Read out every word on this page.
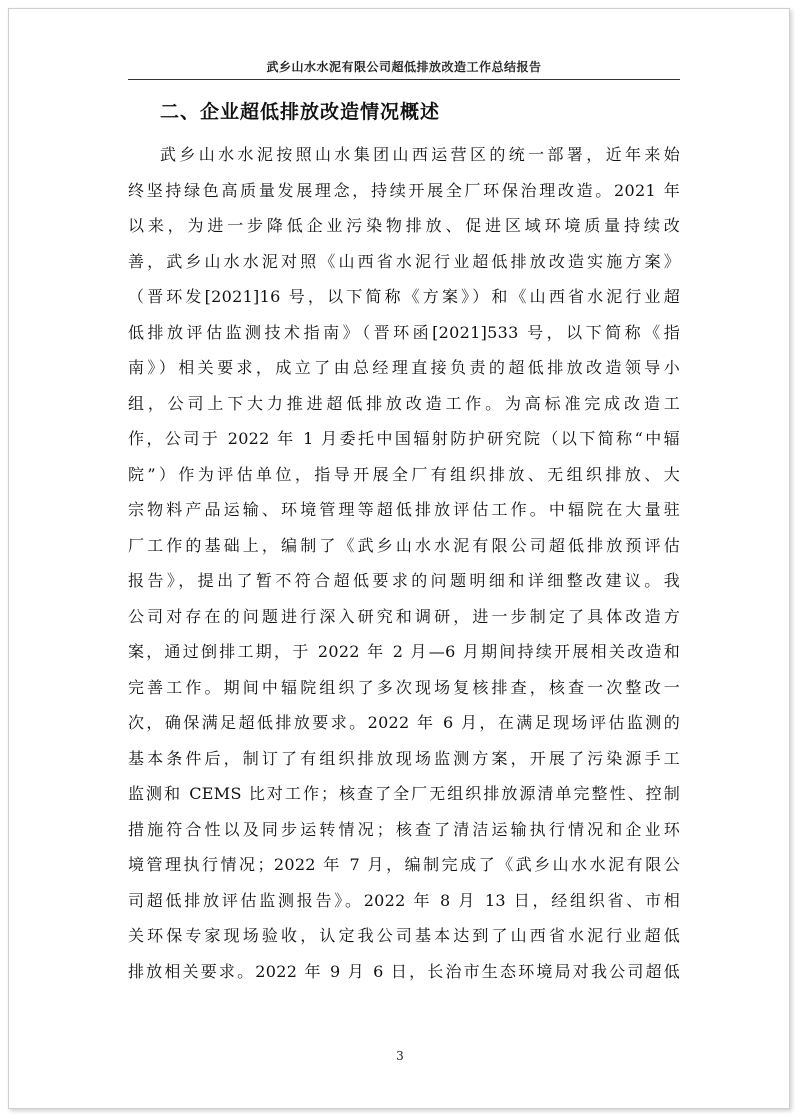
武乡山水水泥有限公司超低排放改造工作总结报告
二、企业超低排放改造情况概述
武乡山水水泥按照山水集团山西运营区的统一部署，近年来始
终坚持绿色高质量发展理念，持续开展全厂环保治理改造。2021 年
以来，为进一步降低企业污染物排放、促进区域环境质量持续改
善，武乡山水水泥对照《山西省水泥行业超低排放改造实施方案》
（晋环发[2021]16 号，以下简称《方案》）和《山西省水泥行业超
低排放评估监测技术指南》（晋环函[2021]533 号，以下简称《指
南》）相关要求，成立了由总经理直接负责的超低排放改造领导小
组，公司上下大力推进超低排放改造工作。为高标准完成改造工
作，公司于 2022 年 1 月委托中国辐射防护研究院（以下简称“中辐
院”）作为评估单位，指导开展全厂有组织排放、无组织排放、大
宗物料产品运输、环境管理等超低排放评估工作。中辐院在大量驻
厂工作的基础上，编制了《武乡山水水泥有限公司超低排放预评估
报告》，提出了暂不符合超低要求的问题明细和详细整改建议。我
公司对存在的问题进行深入研究和调研，进一步制定了具体改造方
案，通过倒排工期，于 2022 年 2 月—6 月期间持续开展相关改造和
完善工作。期间中辐院组织了多次现场复核排查，核查一次整改一
次，确保满足超低排放要求。2022 年 6 月，在满足现场评估监测的
基本条件后，制订了有组织排放现场监测方案，开展了污染源手工
监测和 CEMS 比对工作；核查了全厂无组织排放源清单完整性、控制
措施符合性以及同步运转情况；核查了清洁运输执行情况和企业环
境管理执行情况；2022 年 7 月，编制完成了《武乡山水水泥有限公
司超低排放评估监测报告》。2022 年 8 月 13 日，经组织省、市相
关环保专家现场验收，认定我公司基本达到了山西省水泥行业超低
排放相关要求。2022 年 9 月 6 日，长治市生态环境局对我公司超低
3
